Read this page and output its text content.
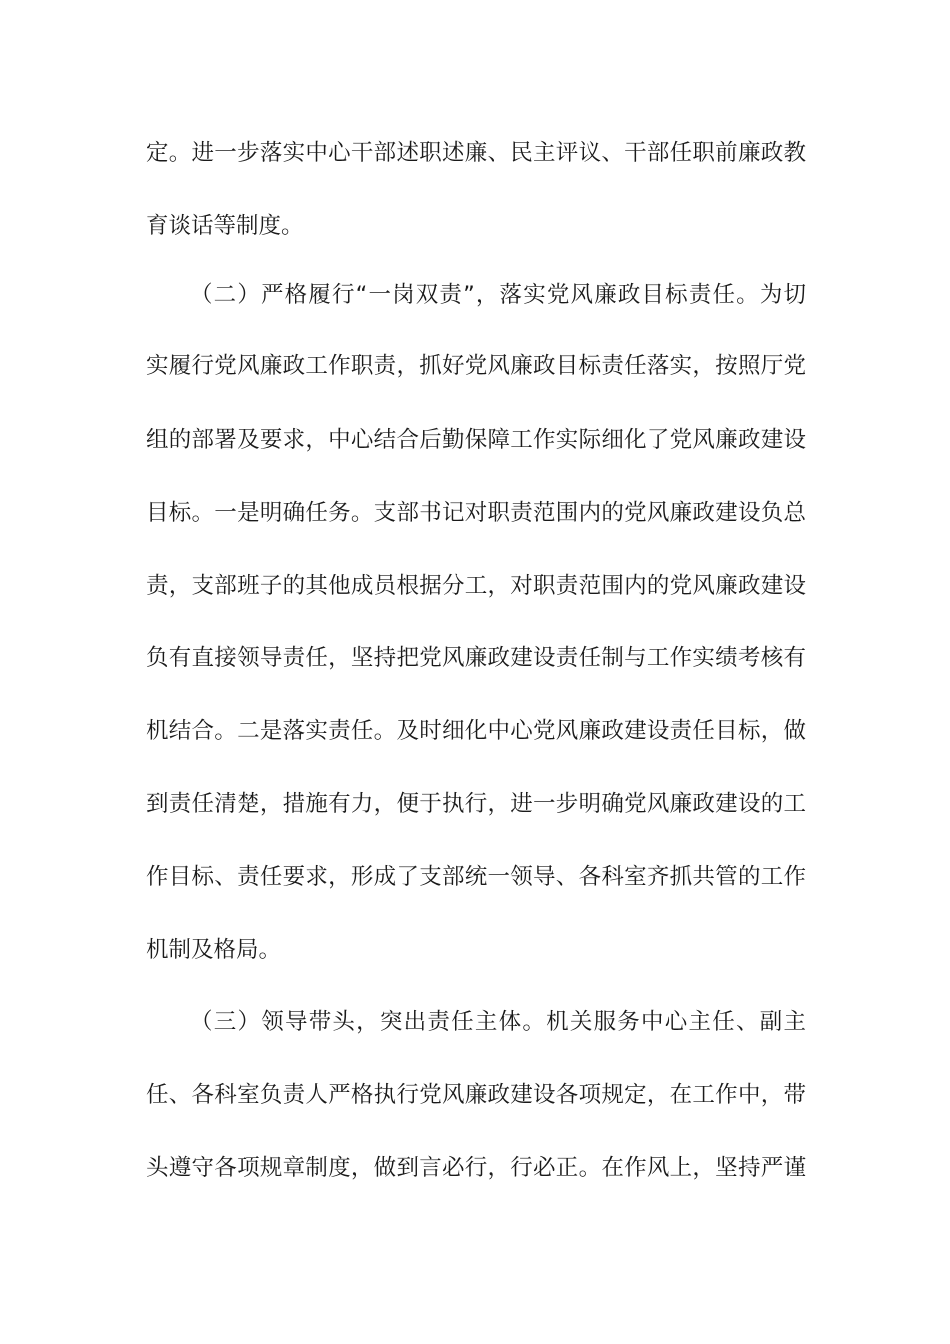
定。进一步落实中心干部述职述廉、民主评议、干部任职前廉政教
育谈话等制度。
（二）严格履行“一岗双责”，落实党风廉政目标责任。为切
实履行党风廉政工作职责，抓好党风廉政目标责任落实，按照厅党
组的部署及要求，中心结合后勤保障工作实际细化了党风廉政建设
目标。一是明确任务。支部书记对职责范围内的党风廉政建设负总
责，支部班子的其他成员根据分工，对职责范围内的党风廉政建设
负有直接领导责任，坚持把党风廉政建设责任制与工作实绩考核有
机结合。二是落实责任。及时细化中心党风廉政建设责任目标，做
到责任清楚，措施有力，便于执行，进一步明确党风廉政建设的工
作目标、责任要求，形成了支部统一领导、各科室齐抓共管的工作
机制及格局。
（三）领导带头，突出责任主体。机关服务中心主任、副主
任、各科室负责人严格执行党风廉政建设各项规定，在工作中，带
头遵守各项规章制度，做到言必行，行必正。在作风上，坚持严谨
